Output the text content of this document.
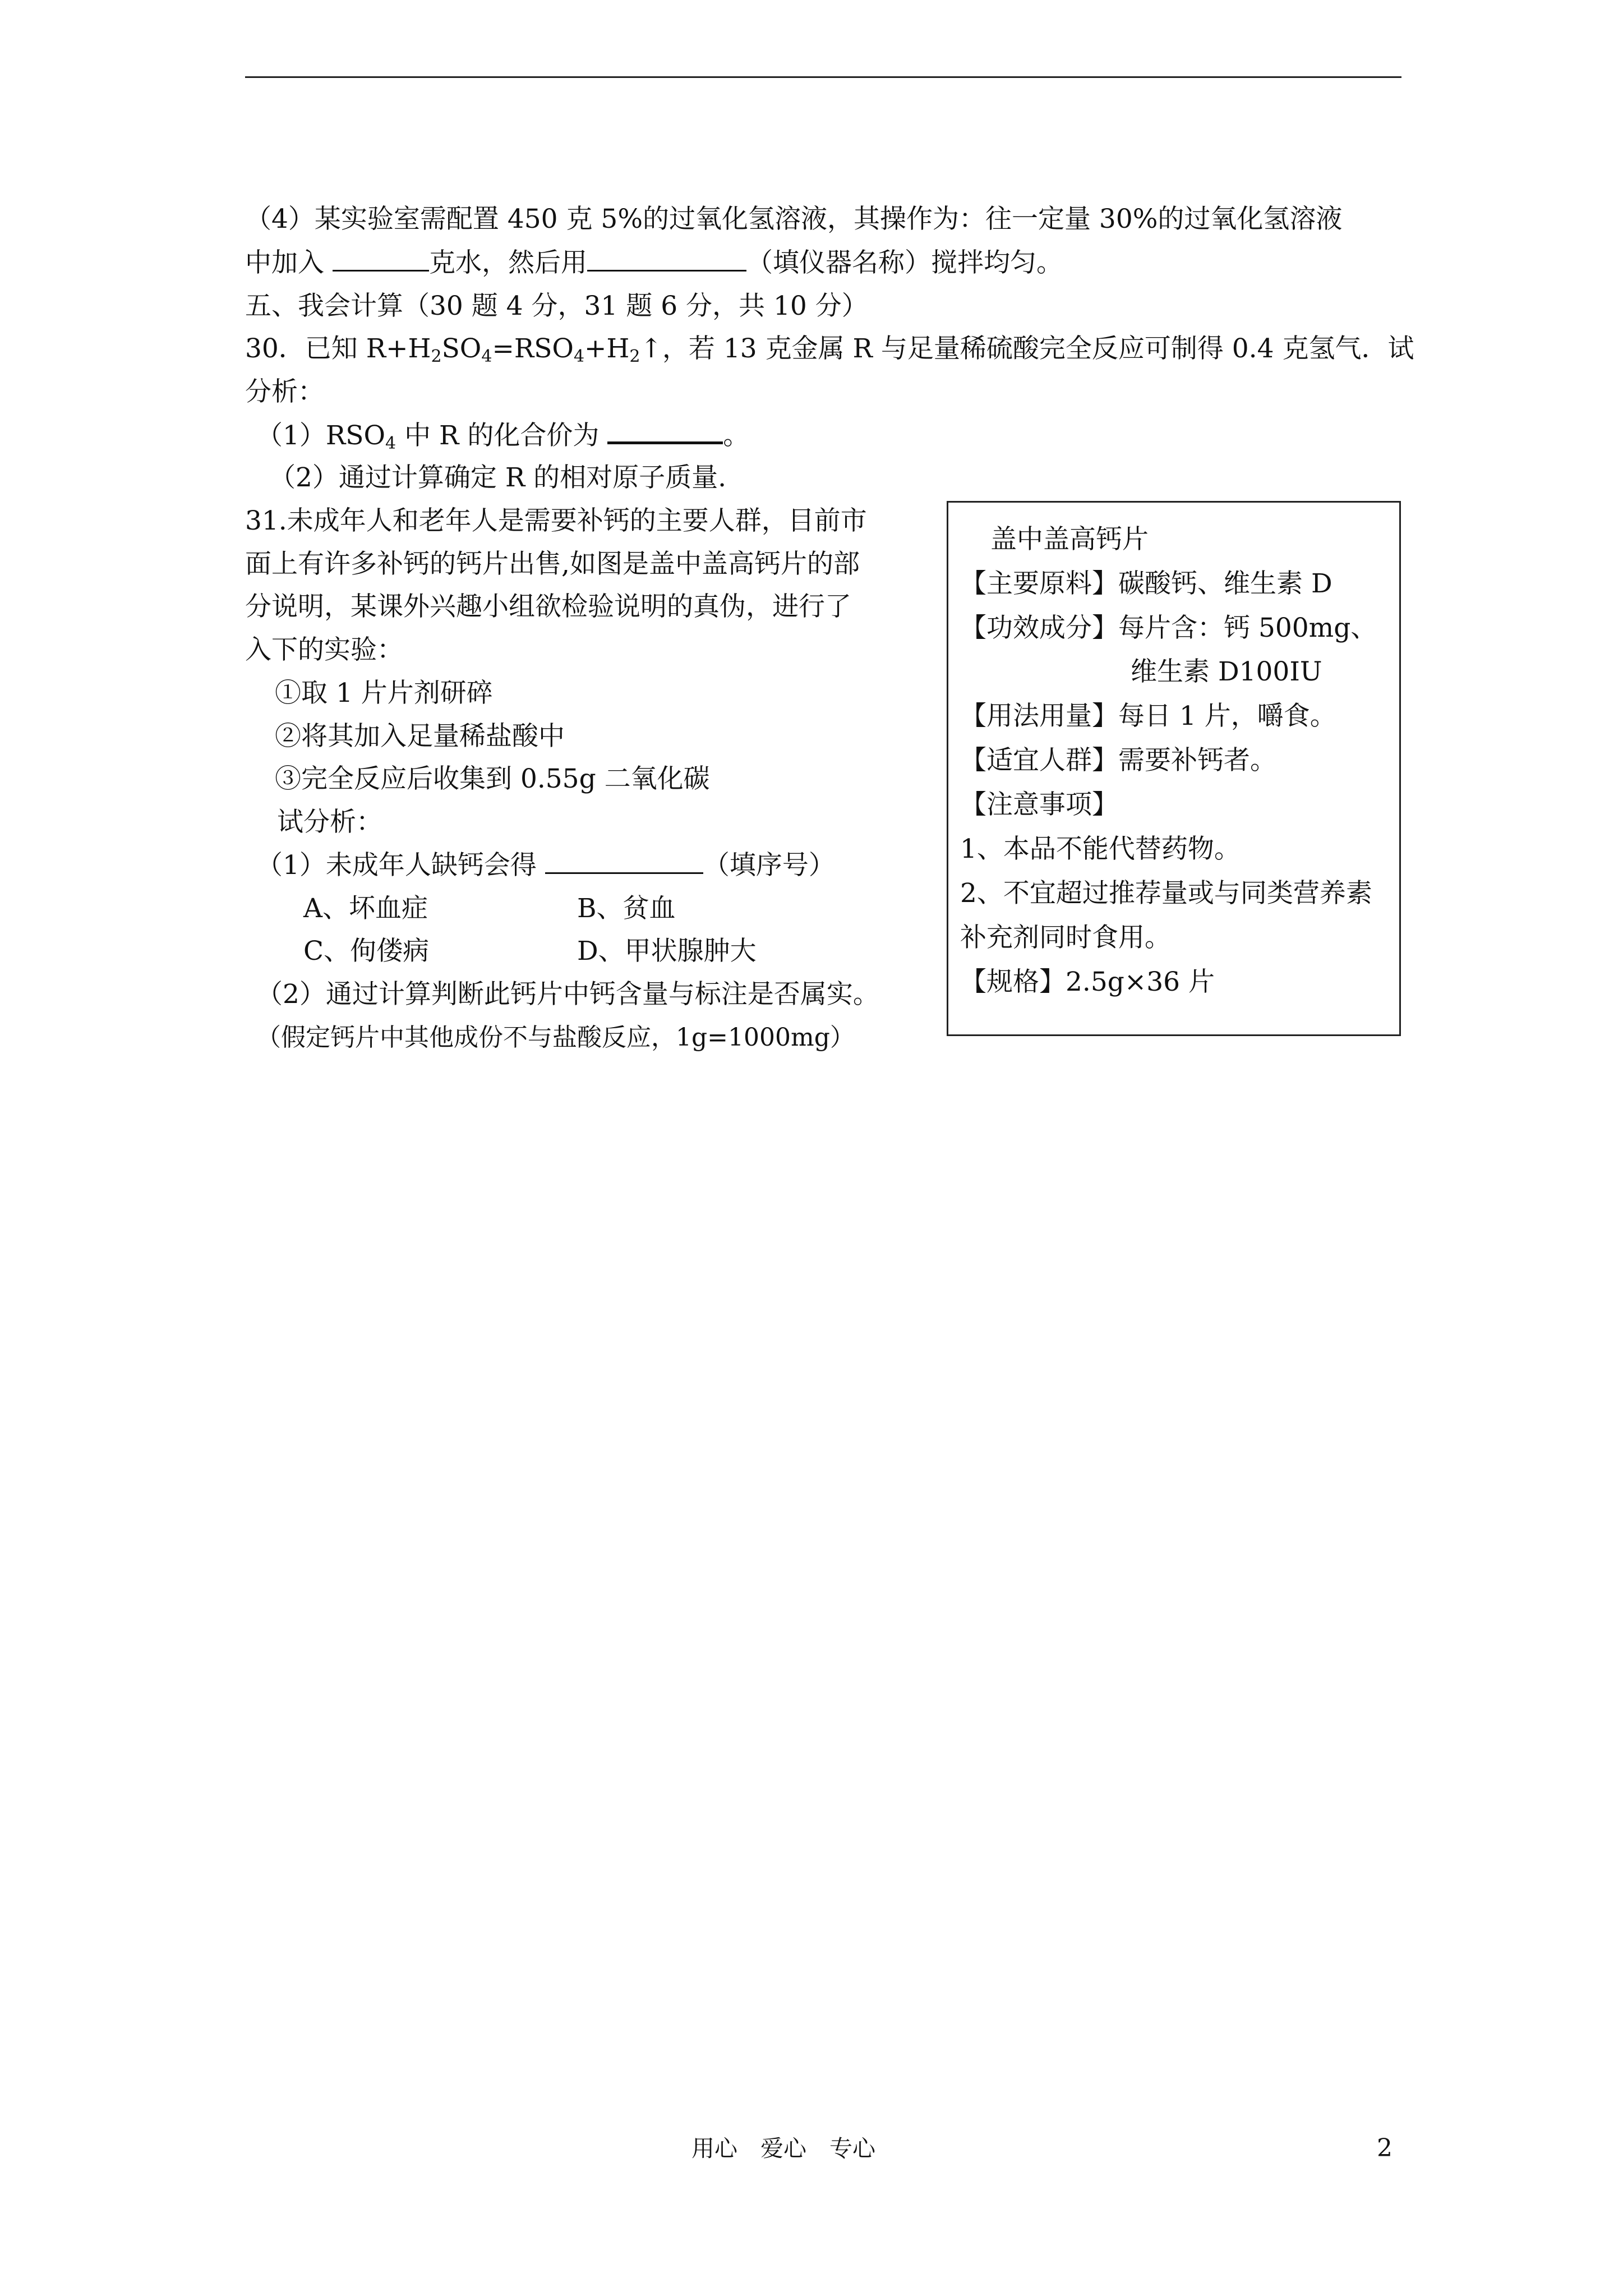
（4）某实验室需配置 450 克 5%的过氧化氢溶液，其操作为：往一定量 30%的过氧化氢溶液
中加入	克水，然后用	（填仪器名称）搅拌均匀。
五、我会计算（30 题 4 分，31 题 6 分，共 10 分）
30．已知 $R+H_2SO_4=RSO_4+H_2↑$，若 13 克金属 R 与足量稀硫酸完全反应可制得 0.4 克氢气．试
分析：
$(1)RSO_4$ 中 R 的化合价为	。
（2）通过计算确定 R 的相对原子质量.
31.未成年人和老年人是需要补钙的主要人群，目前市
面上有许多补钙的钙片出售,如图是盖中盖高钙片的部
分说明，某课外兴趣小组欲检验说明的真伪，进行了
入下的实验：
①取 1 片片剂研碎
②将其加入足量稀盐酸中
③完全反应后收集到 0.55g 二氧化碳
试分析：
（1）未成年人缺钙会得	（填序号）
A、坏血症	B、贫血
C、佝偻病	D、甲状腺肿大
（2）通过计算判断此钙片中钙含量与标注是否属实。
（假定钙片中其他成份不与盐酸反应，1g=1000mg）
盖中盖高钙片
【主要原料】碳酸钙、维生素 D
【功效成分】每片含：钙 500mg、
维生素 D100IU
【用法用量】每日 1 片，嚼食。
【适宜人群】需要补钙者。
【注意事项】
1、本品不能代替药物。
2、不宜超过推荐量或与同类营养素
补充剂同时食用。
【规格】2.5g×36 片
用心　爱心　专心	2
